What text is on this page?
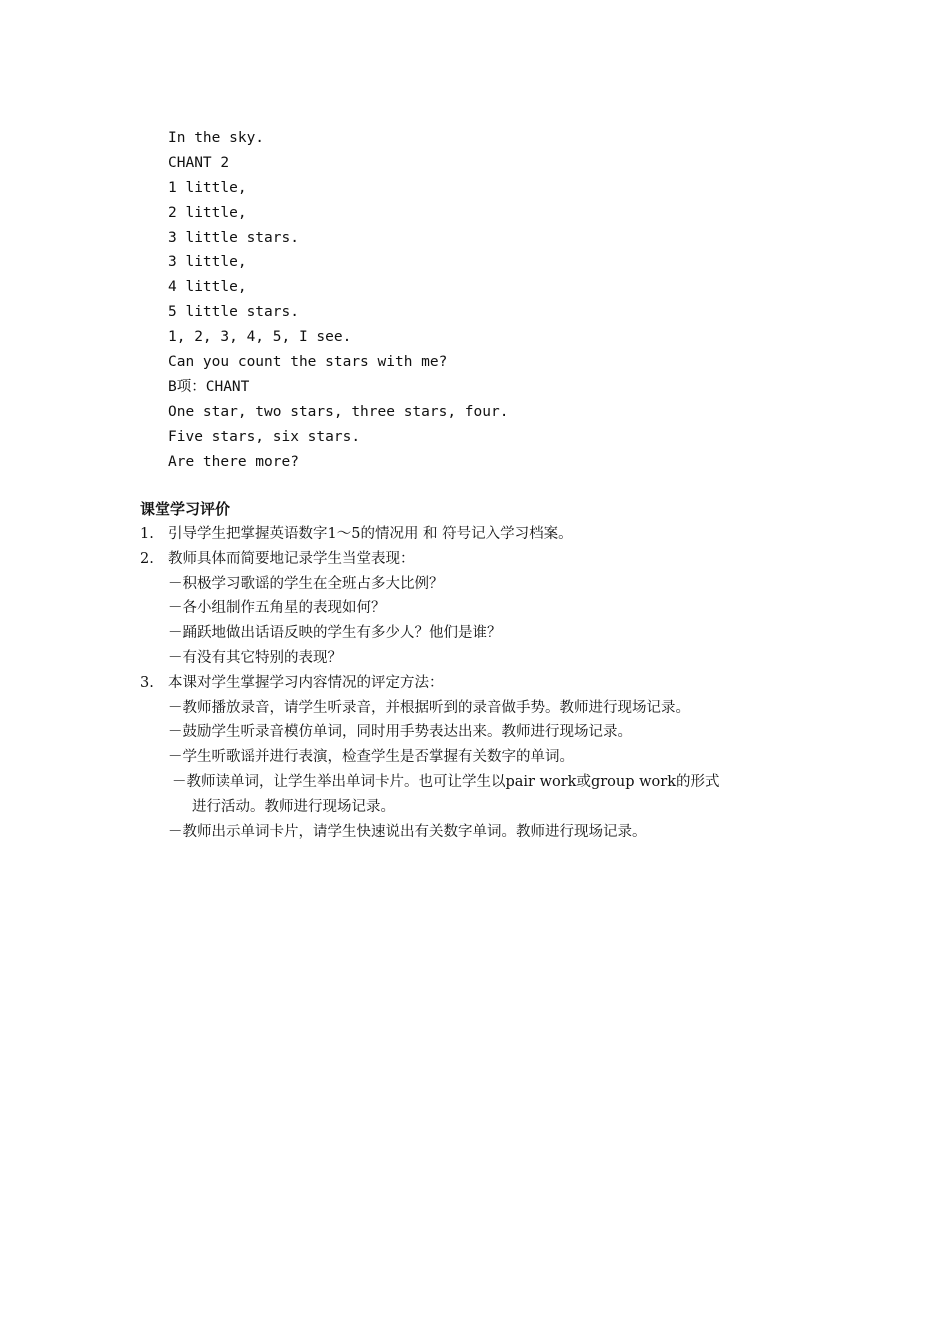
In the sky.
CHANT 2
1 little,
2 little,
3 little stars.
3 little,
4 little,
5 little stars.
1, 2, 3, 4, 5, I see.
Can you count the stars with me?
B项：CHANT
One star, two stars, three stars, four.
Five stars, six stars.
Are there more?
课堂学习评价
1. 引导学生把掌握英语数字1～5的情况用 和 符号记入学习档案。
2. 教师具体而简要地记录学生当堂表现：
－积极学习歌谣的学生在全班占多大比例？
－各小组制作五角星的表现如何？
－踊跃地做出话语反映的学生有多少人？他们是谁？
－有没有其它特别的表现？
3. 本课对学生掌握学习内容情况的评定方法：
－教师播放录音，请学生听录音，并根据听到的录音做手势。教师进行现场记录。
－鼓励学生听录音模仿单词，同时用手势表达出来。教师进行现场记录。
－学生听歌谣并进行表演，检查学生是否掌握有关数字的单词。
－教师读单词，让学生举出单词卡片。也可让学生以pair work或group work的形式
进行活动。教师进行现场记录。
－教师出示单词卡片，请学生快速说出有关数字单词。教师进行现场记录。
